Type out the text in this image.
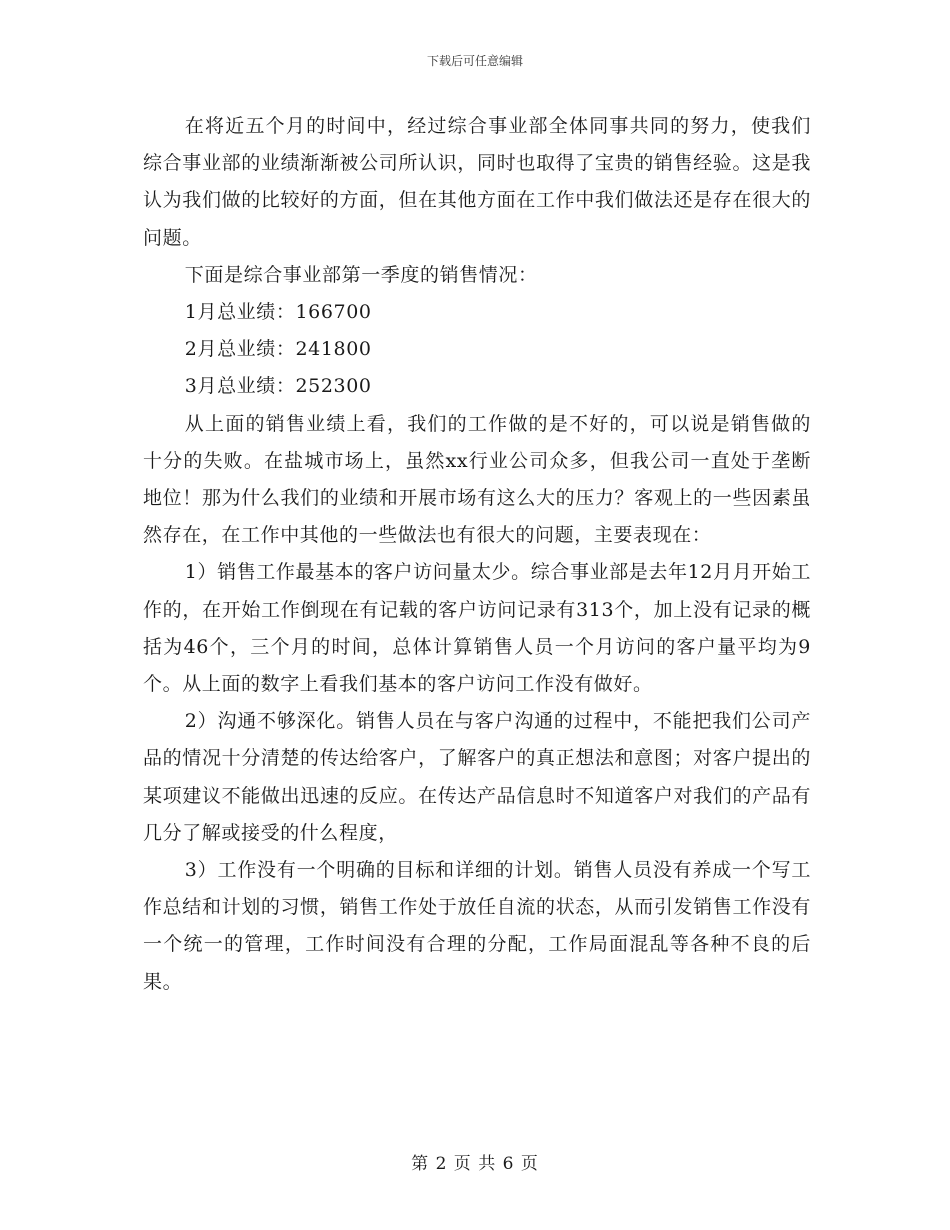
下载后可任意编辑

在将近五个月的时间中，经过综合事业部全体同事共同的努力，使我们综合事业部的业绩渐渐被公司所认识，同时也取得了宝贵的销售经验。这是我认为我们做的比较好的方面，但在其他方面在工作中我们做法还是存在很大的问题。

下面是综合事业部第一季度的销售情况：

1月总业绩：166700

2月总业绩：241800

3月总业绩：252300

从上面的销售业绩上看，我们的工作做的是不好的，可以说是销售做的十分的失败。在盐城市场上，虽然xx行业公司众多，但我公司一直处于垄断地位！那为什么我们的业绩和开展市场有这么大的压力？客观上的一些因素虽然存在，在工作中其他的一些做法也有很大的问题，主要表现在：

1）销售工作最基本的客户访问量太少。综合事业部是去年12月月开始工作的，在开始工作倒现在有记载的客户访问记录有313个，加上没有记录的概括为46个，三个月的时间，总体计算销售人员一个月访问的客户量平均为9个。从上面的数字上看我们基本的客户访问工作没有做好。

2）沟通不够深化。销售人员在与客户沟通的过程中，不能把我们公司产品的情况十分清楚的传达给客户，了解客户的真正想法和意图；对客户提出的某项建议不能做出迅速的反应。在传达产品信息时不知道客户对我们的产品有几分了解或接受的什么程度，

3）工作没有一个明确的目标和详细的计划。销售人员没有养成一个写工作总结和计划的习惯，销售工作处于放任自流的状态，从而引发销售工作没有一个统一的管理，工作时间没有合理的分配，工作局面混乱等各种不良的后果。

第 2 页 共 6 页
